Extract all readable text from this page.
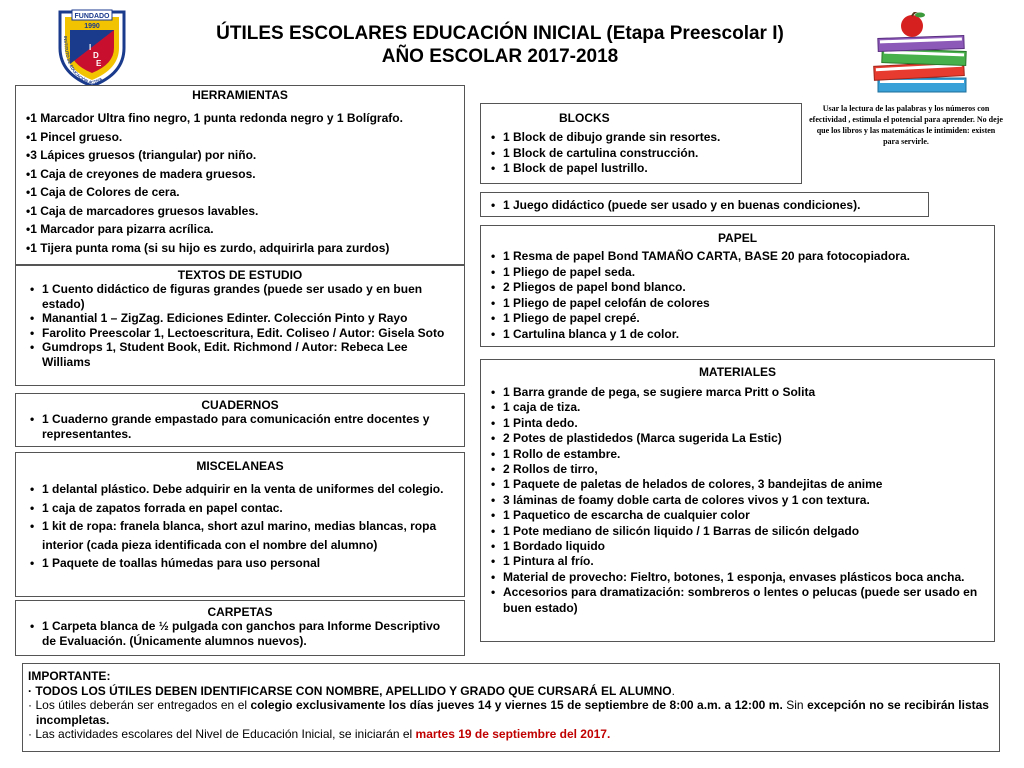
FUNDADO
1990
I
D
E
INSTITUTO DE EDUCACIÓN ACTIVA
ÚTILES ESCOLARES EDUCACIÓN INICIAL (Etapa Preescolar I)
AÑO ESCOLAR 2017-2018
Usar la lectura de las palabras y los números con efectividad , estimula el potencial para aprender. No deje que los libros y las matemáticas le intimiden: existen para servirle.
HERRAMIENTAS
•1 Marcador Ultra fino negro, 1 punta redonda negro y 1 Bolígrafo.
•1 Pincel grueso.
•3 Lápices gruesos (triangular) por niño.
•1 Caja de creyones de madera gruesos.
•1 Caja de Colores de cera.
•1 Caja de marcadores gruesos lavables.
•1 Marcador para pizarra acrílica.
•1 Tijera punta roma (si su hijo es zurdo, adquirirla para zurdos)
TEXTOS DE ESTUDIO
• 1 Cuento didáctico de figuras grandes (puede ser usado y en buen estado)
• Manantial 1 – ZigZag. Ediciones Edinter. Colección Pinto y Rayo
• Farolito Preescolar 1, Lectoescritura, Edit. Coliseo / Autor: Gisela Soto
• Gumdrops 1, Student Book, Edit. Richmond / Autor: Rebeca Lee Williams
CUADERNOS
• 1 Cuaderno grande empastado para comunicación entre docentes y representantes.
MISCELANEAS
• 1 delantal plástico. Debe adquirir en la venta de uniformes del colegio.
• 1 caja de zapatos forrada en papel contac.
• 1 kit de ropa: franela blanca, short azul marino, medias blancas, ropa interior (cada pieza identificada con el nombre del alumno)
• 1 Paquete de toallas húmedas para uso personal
CARPETAS
• 1 Carpeta blanca de ½ pulgada con ganchos para Informe Descriptivo de Evaluación. (Únicamente alumnos nuevos).
BLOCKS
• 1 Block de dibujo grande sin resortes.
• 1 Block de cartulina construcción.
• 1 Block de papel lustrillo.
• 1 Juego didáctico (puede ser usado y en buenas condiciones).
PAPEL
• 1 Resma de papel Bond TAMAÑO CARTA, BASE 20 para fotocopiadora.
• 1 Pliego de papel seda.
• 2 Pliegos de papel bond blanco.
• 1 Pliego de papel celofán de colores
• 1 Pliego de papel crepé.
• 1 Cartulina blanca y 1 de color.
MATERIALES
• 1 Barra grande de pega, se sugiere marca Pritt o Solita
• 1 caja de tiza.
• 1 Pinta dedo.
• 2 Potes de plastidedos (Marca sugerida La Estic)
• 1 Rollo de estambre.
• 2 Rollos de tirro,
• 1 Paquete de paletas de helados de colores, 3 bandejitas de anime
• 3 láminas de foamy doble carta de colores vivos y 1 con textura.
• 1 Paquetico de escarcha de cualquier color
• 1 Pote mediano de silicón liquido / 1 Barras de silicón delgado
• 1 Bordado liquido
• 1 Pintura al frío.
• Material de provecho: Fieltro, botones, 1 esponja, envases plásticos boca ancha.
• Accesorios para dramatización: sombreros o lentes o pelucas (puede ser usado en buen estado)
IMPORTANTE:
· TODOS LOS ÚTILES DEBEN IDENTIFICARSE CON NOMBRE, APELLIDO Y GRADO QUE CURSARÁ EL ALUMNO.
· Los útiles deberán ser entregados en el colegio exclusivamente los días jueves 14 y viernes 15 de septiembre de 8:00 a.m. a 12:00 m. Sin excepción no se recibirán listas incompletas.
· Las actividades escolares del Nivel de Educación Inicial, se iniciarán el martes 19 de septiembre del 2017.
